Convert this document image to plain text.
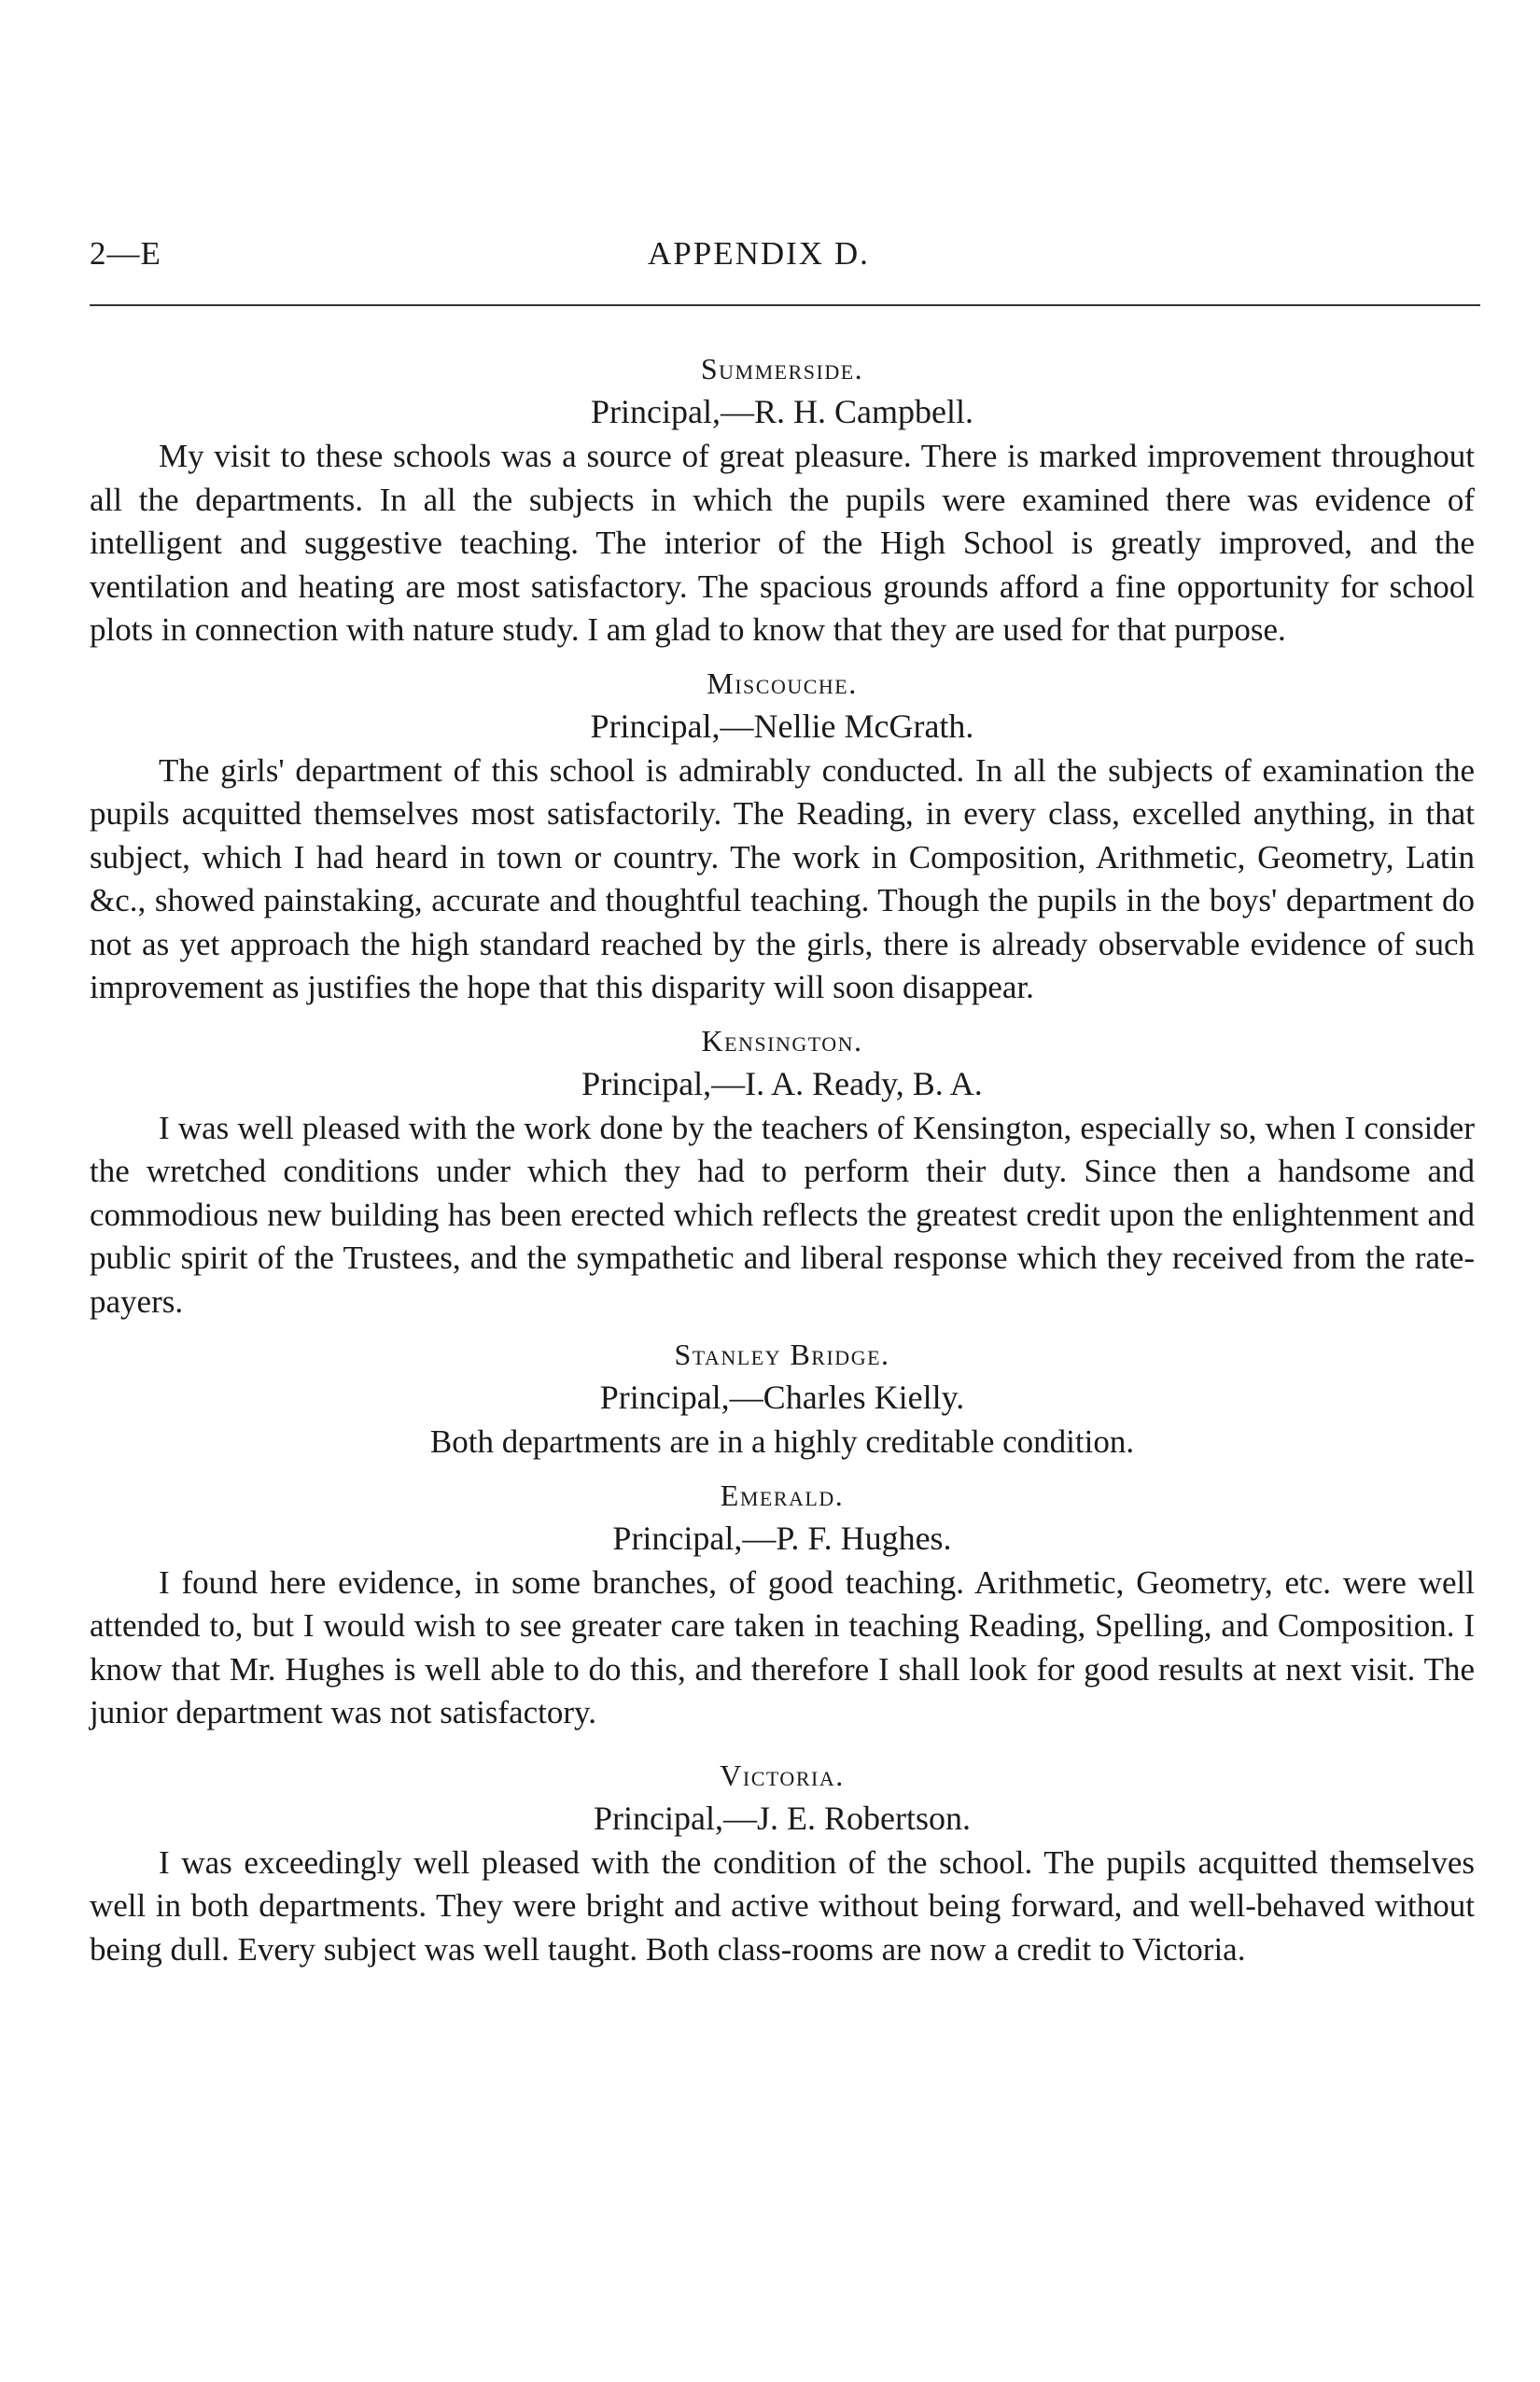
2—E	APPENDIX D.

Summerside.

Principal,—R. H. Campbell.

My visit to these schools was a source of great pleasure. There is marked improvement throughout all the departments. In all the subjects in which the pupils were examined there was evidence of intelligent and suggestive teaching. The interior of the High School is greatly improved, and the ventilation and heating are most satisfactory. The spacious grounds afford a fine opportunity for school plots in connection with nature study. I am glad to know that they are used for that purpose.

Miscouche.

Principal,—Nellie McGrath.

The girls' department of this school is admirably conducted. In all the subjects of examination the pupils acquitted themselves most satisfactorily. The Reading, in every class, excelled anything, in that subject, which I had heard in town or country. The work in Composition, Arithmetic, Geometry, Latin &c., showed painstaking, accurate and thoughtful teaching. Though the pupils in the boys' department do not as yet approach the high standard reached by the girls, there is already observable evidence of such improvement as justifies the hope that this disparity will soon disappear.

Kensington.

Principal,—I. A. Ready, B. A.

I was well pleased with the work done by the teachers of Kensington, especially so, when I consider the wretched conditions under which they had to perform their duty. Since then a handsome and commodious new building has been erected which reflects the greatest credit upon the enlightenment and public spirit of the Trustees, and the sympathetic and liberal response which they received from the rate-payers.

Stanley Bridge.

Principal,—Charles Kielly.

Both departments are in a highly creditable condition.

Emerald.

Principal,—P. F. Hughes.

I found here evidence, in some branches, of good teaching. Arithmetic, Geometry, etc. were well attended to, but I would wish to see greater care taken in teaching Reading, Spelling, and Composition. I know that Mr. Hughes is well able to do this, and therefore I shall look for good results at next visit. The junior department was not satisfactory.

Victoria.

Principal,—J. E. Robertson.

I was exceedingly well pleased with the condition of the school. The pupils acquitted themselves well in both departments. They were bright and active without being forward, and well-behaved without being dull. Every subject was well taught. Both class-rooms are now a credit to Victoria.
